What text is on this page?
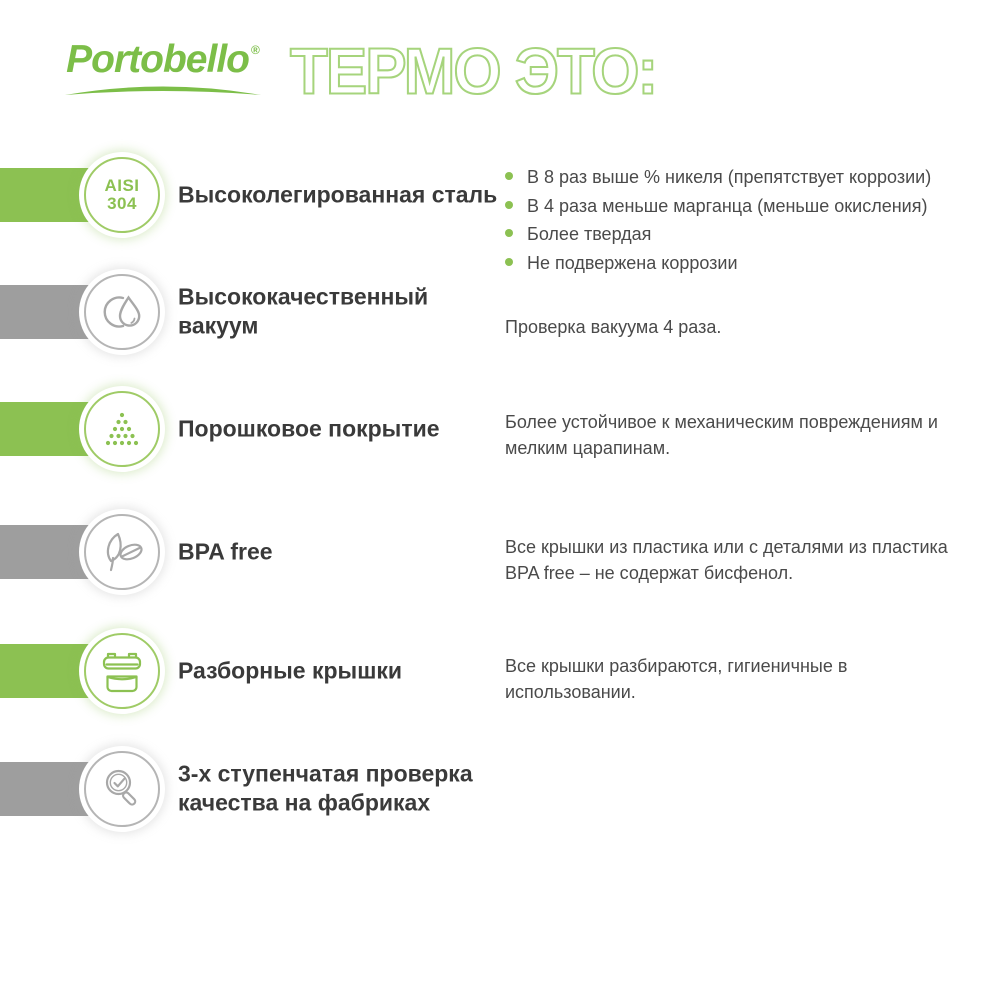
Portobello ® ТЕРМО ЭТО:
AISI
304 Высоколегированная сталь
В 8 раз выше % никеля (препятствует коррозии)
В 4 раза меньше марганца (меньше окисления)
Более твердая
Не подвержена коррозии
Высококачественный вакуум	Проверка вакуума 4 раза.

Порошковое покрытие	Более устойчивое к механическим повреждениям и мелким царапинам.

BPA free	Все крышки из пластика или с деталями из пластика BPA free – не содержат бисфенол.

Разборные крышки	Все крышки разбираются, гигиеничные в использовании.

3-х ступенчатая проверка качества на фабриках
